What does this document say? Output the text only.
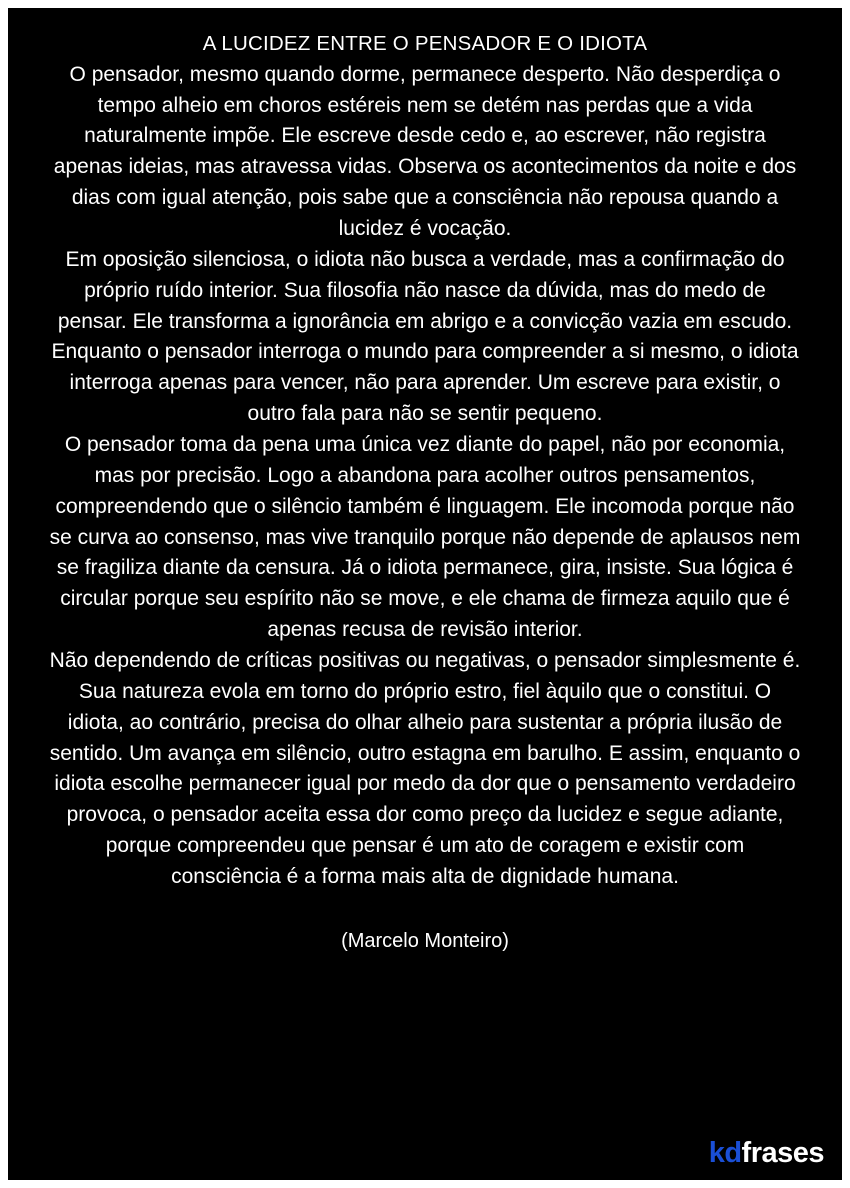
A LUCIDEZ ENTRE O PENSADOR E O IDIOTA

O pensador, mesmo quando dorme, permanece desperto. Não desperdiça o tempo alheio em choros estéreis nem se detém nas perdas que a vida naturalmente impõe. Ele escreve desde cedo e, ao escrever, não registra apenas ideias, mas atravessa vidas. Observa os acontecimentos da noite e dos dias com igual atenção, pois sabe que a consciência não repousa quando a lucidez é vocação.

Em oposição silenciosa, o idiota não busca a verdade, mas a confirmação do próprio ruído interior. Sua filosofia não nasce da dúvida, mas do medo de pensar. Ele transforma a ignorância em abrigo e a convicção vazia em escudo. Enquanto o pensador interroga o mundo para compreender a si mesmo, o idiota interroga apenas para vencer, não para aprender. Um escreve para existir, o outro fala para não se sentir pequeno.

O pensador toma da pena uma única vez diante do papel, não por economia, mas por precisão. Logo a abandona para acolher outros pensamentos, compreendendo que o silêncio também é linguagem. Ele incomoda porque não se curva ao consenso, mas vive tranquilo porque não depende de aplausos nem se fragiliza diante da censura. Já o idiota permanece, gira, insiste. Sua lógica é circular porque seu espírito não se move, e ele chama de firmeza aquilo que é apenas recusa de revisão interior.

Não dependendo de críticas positivas ou negativas, o pensador simplesmente é. Sua natureza evola em torno do próprio estro, fiel àquilo que o constitui. O idiota, ao contrário, precisa do olhar alheio para sustentar a própria ilusão de sentido. Um avança em silêncio, outro estagna em barulho. E assim, enquanto o idiota escolhe permanecer igual por medo da dor que o pensamento verdadeiro provoca, o pensador aceita essa dor como preço da lucidez e segue adiante, porque compreendeu que pensar é um ato de coragem e existir com consciência é a forma mais alta de dignidade humana.

(Marcelo Monteiro)
kdfrases
